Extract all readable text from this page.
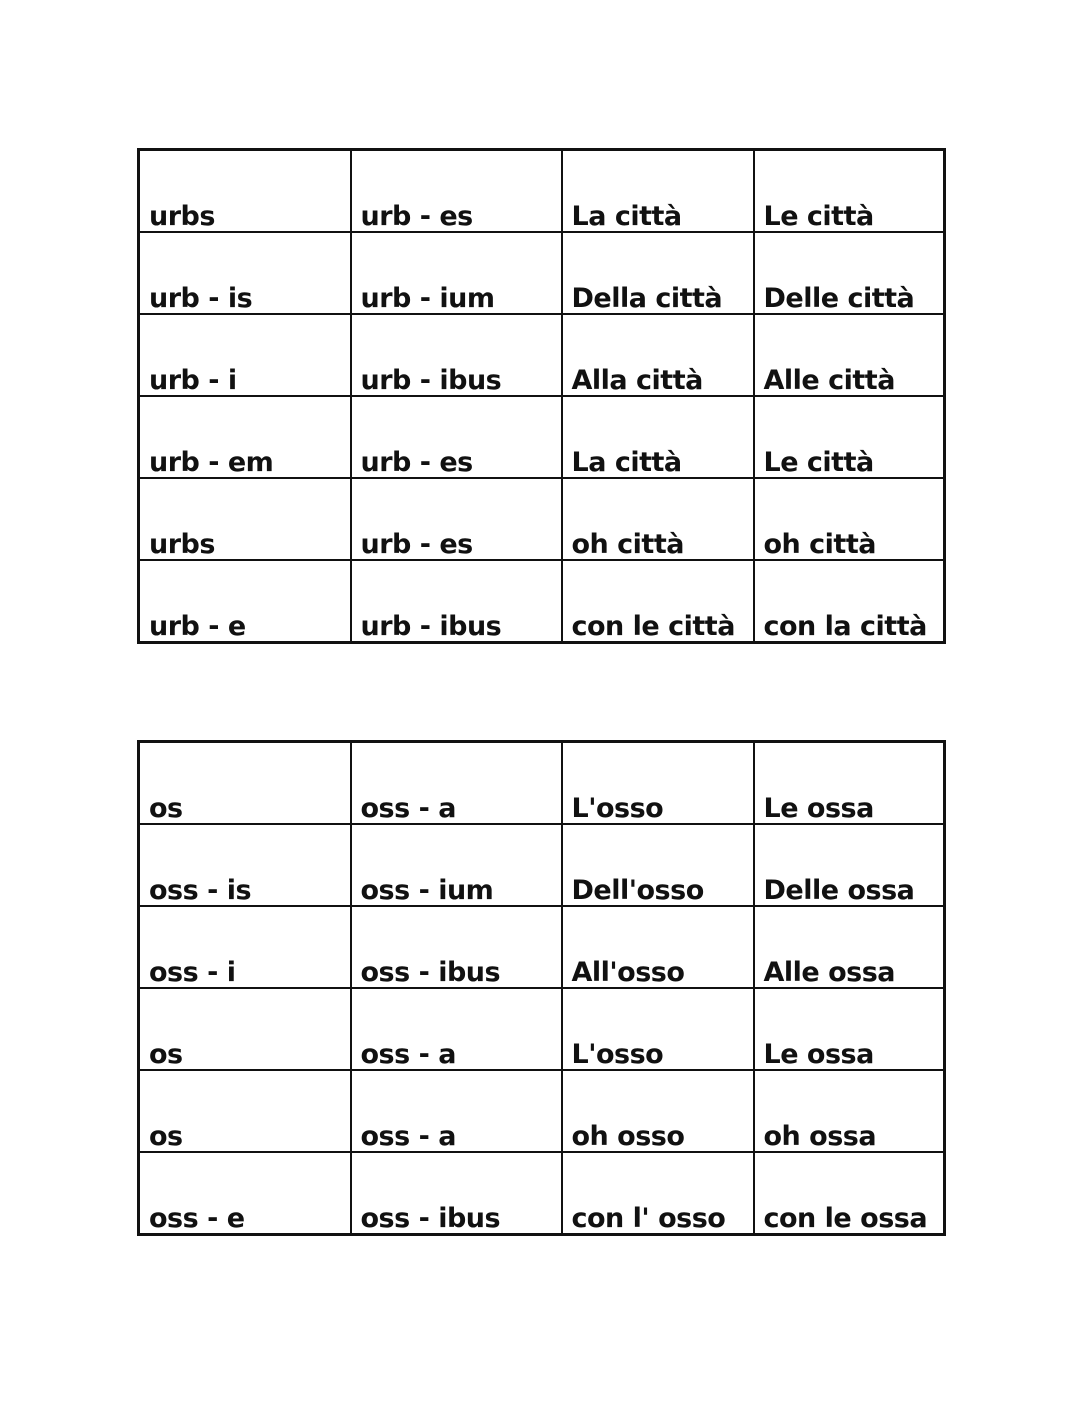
urbs	urb - es	La città	Le città
urb - is	urb - ium	Della città	Delle città
urb - i	urb - ibus	Alla città	Alle città
urb - em	urb - es	La città	Le città
urbs	urb - es	oh città	oh città
urb - e	urb - ibus	con le città	con la città
os	oss - a	L'osso	Le ossa
oss - is	oss - ium	Dell'osso	Delle ossa
oss - i	oss - ibus	All'osso	Alle ossa
os	oss - a	L'osso	Le ossa
os	oss - a	oh osso	oh ossa
oss - e	oss - ibus	con l' osso	con le ossa
